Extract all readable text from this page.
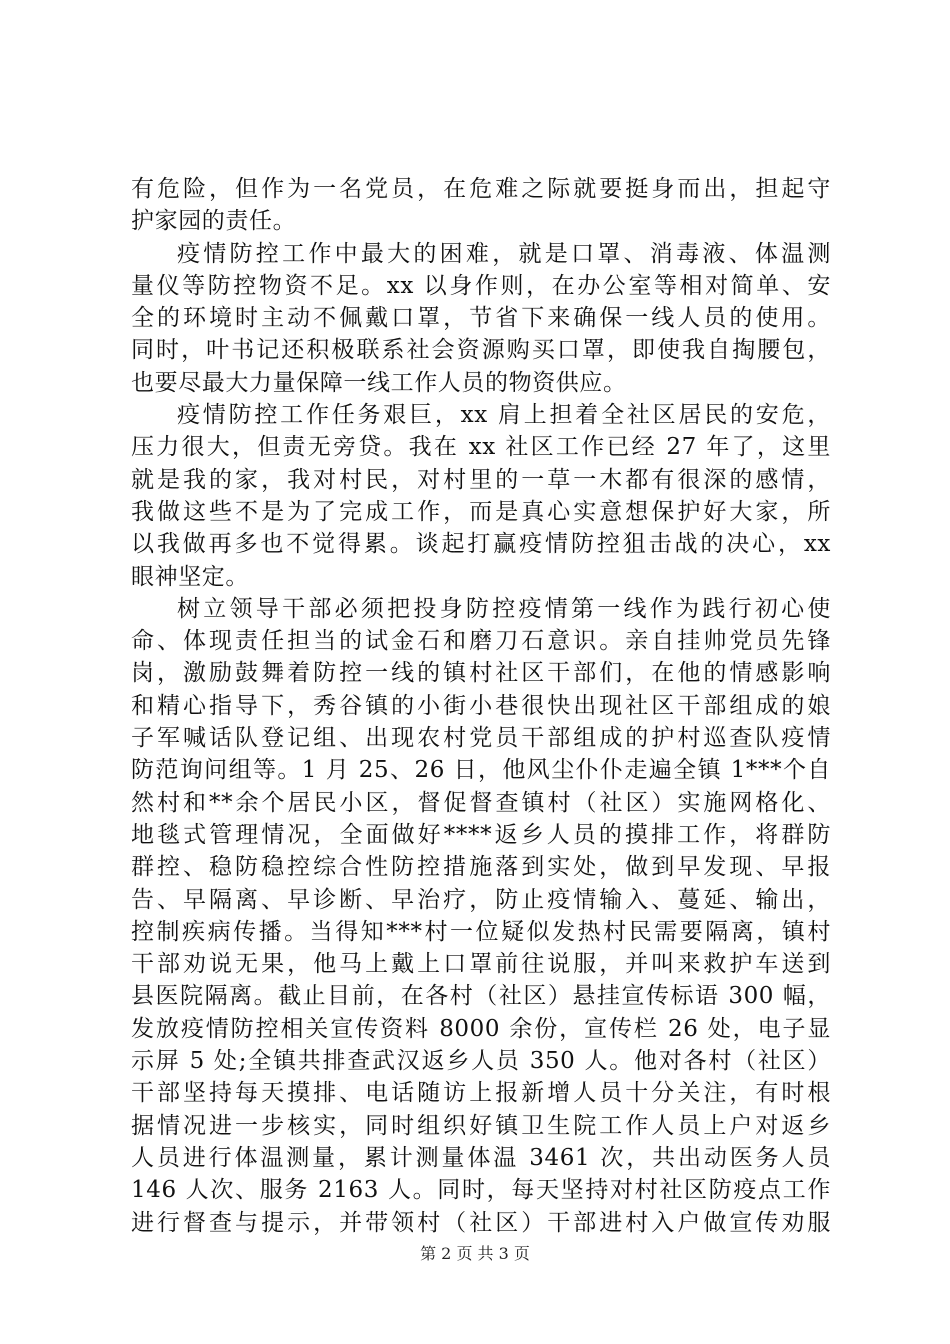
有危险，但作为一名党员，在危难之际就要挺身而出，担起守
护家园的责任。
疫情防控工作中最大的困难，就是口罩、消毒液、体温测
量仪等防控物资不足。xx 以身作则，在办公室等相对简单、安
全的环境时主动不佩戴口罩，节省下来确保一线人员的使用。
同时，叶书记还积极联系社会资源购买口罩，即使我自掏腰包，
也要尽最大力量保障一线工作人员的物资供应。
疫情防控工作任务艰巨，xx 肩上担着全社区居民的安危，
压力很大，但责无旁贷。我在 xx 社区工作已经 27 年了，这里
就是我的家，我对村民，对村里的一草一木都有很深的感情，
我做这些不是为了完成工作，而是真心实意想保护好大家，所
以我做再多也不觉得累。谈起打赢疫情防控狙击战的决心，xx
眼神坚定。
树立领导干部必须把投身防控疫情第一线作为践行初心使
命、体现责任担当的试金石和磨刀石意识。亲自挂帅党员先锋
岗，激励鼓舞着防控一线的镇村社区干部们，在他的情感影响
和精心指导下，秀谷镇的小街小巷很快出现社区干部组成的娘
子军喊话队登记组、出现农村党员干部组成的护村巡查队疫情
防范询问组等。1 月 25、26 日，他风尘仆仆走遍全镇 1***个自
然村和**余个居民小区，督促督查镇村（社区）实施网格化、
地毯式管理情况，全面做好****返乡人员的摸排工作，将群防
群控、稳防稳控综合性防控措施落到实处，做到早发现、早报
告、早隔离、早诊断、早治疗，防止疫情输入、蔓延、输出，
控制疾病传播。当得知***村一位疑似发热村民需要隔离，镇村
干部劝说无果，他马上戴上口罩前往说服，并叫来救护车送到
县医院隔离。截止目前，在各村（社区）悬挂宣传标语 300 幅，
发放疫情防控相关宣传资料 8000 余份，宣传栏 26 处，电子显
示屏 5 处;全镇共排查武汉返乡人员 350 人。他对各村（社区）
干部坚持每天摸排、电话随访上报新增人员十分关注，有时根
据情况进一步核实，同时组织好镇卫生院工作人员上户对返乡
人员进行体温测量，累计测量体温 3461 次，共出动医务人员
146 人次、服务 2163 人。同时，每天坚持对村社区防疫点工作
进行督查与提示，并带领村（社区）干部进村入户做宣传劝服
第 2 页 共 3 页
